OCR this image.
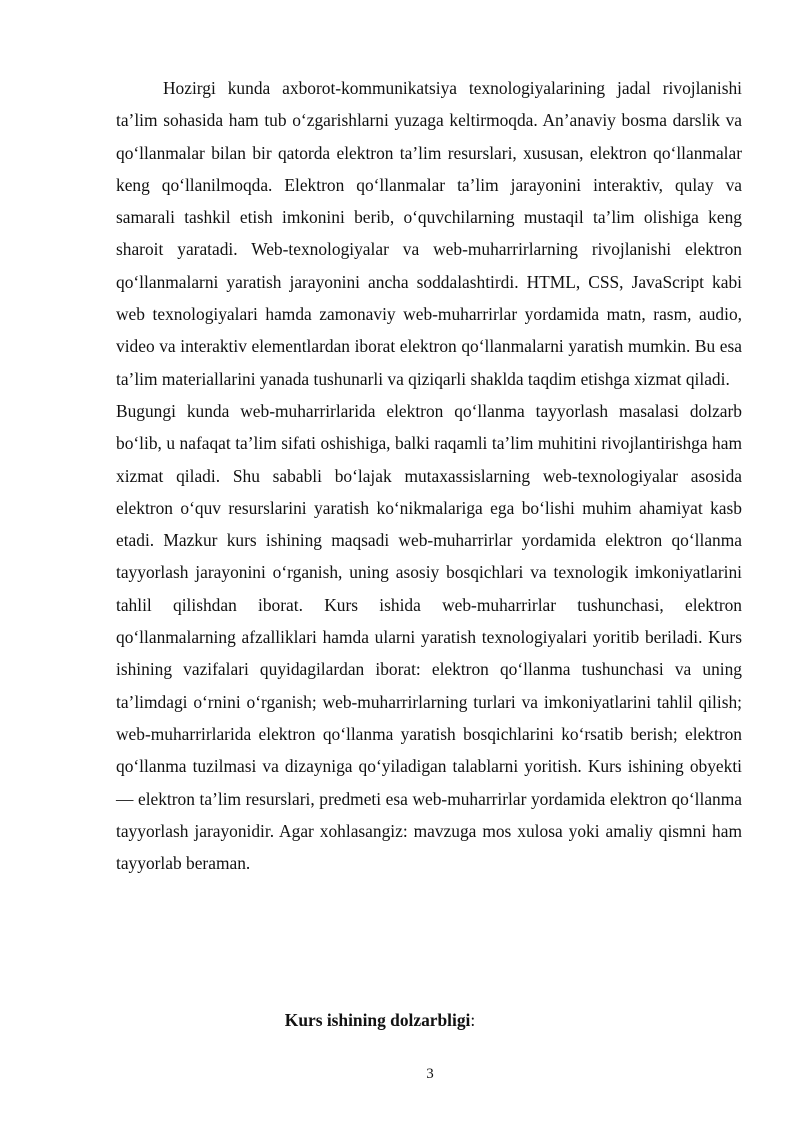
Hozirgi kunda axborot-kommunikatsiya texnologiyalarining jadal rivojlanishi ta’lim sohasida ham tub o‘zgarishlarni yuzaga keltirmoqda. An’anaviy bosma darslik va qo‘llanmalar bilan bir qatorda elektron ta’lim resurslari, xususan, elektron qo‘llanmalar keng qo‘llanilmoqda. Elektron qo‘llanmalar ta’lim jarayonini interaktiv, qulay va samarali tashkil etish imkonini berib, o‘quvchilarning mustaqil ta’lim olishiga keng sharoit yaratadi. Web-texnologiyalar va web-muharrirlarning rivojlanishi elektron qo‘llanmalarni yaratish jarayonini ancha soddalashtirdi. HTML, CSS, JavaScript kabi web texnologiyalari hamda zamonaviy web-muharrirlar yordamida matn, rasm, audio, video va interaktiv elementlardan iborat elektron qo‘llanmalarni yaratish mumkin. Bu esa ta’lim materiallarini yanada tushunarli va qiziqarli shaklda taqdim etishga xizmat qiladi.

Bugungi kunda web-muharrirlarida elektron qo‘llanma tayyorlash masalasi dolzarb bo‘lib, u nafaqat ta’lim sifati oshishiga, balki raqamli ta’lim muhitini rivojlantirishga ham xizmat qiladi. Shu sababli bo‘lajak mutaxassislarning web-texnologiyalar asosida elektron o‘quv resurslarini yaratish ko‘nikmalariga ega bo‘lishi muhim ahamiyat kasb etadi. Mazkur kurs ishining maqsadi web-muharrirlar yordamida elektron qo‘llanma tayyorlash jarayonini o‘rganish, uning asosiy bosqichlari va texnologik imkoniyatlarini tahlil qilishdan iborat. Kurs ishida web-muharrirlar tushunchasi, elektron qo‘llanmalarning afzalliklari hamda ularni yaratish texnologiyalari yoritib beriladi. Kurs ishining vazifalari quyidagilardan iborat: elektron qo‘llanma tushunchasi va uning ta’limdagi o‘rnini o‘rganish; web-muharrirlarning turlari va imkoniyatlarini tahlil qilish; web-muharrirlarida elektron qo‘llanma yaratish bosqichlarini ko‘rsatib berish; elektron qo‘llanma tuzilmasi va dizayniga qo‘yiladigan talablarni yoritish. Kurs ishining obyekti — elektron ta’lim resurslari, predmeti esa web-muharrirlar yordamida elektron qo‘llanma tayyorlash jarayonidir. Agar xohlasangiz: mavzuga mos xulosa yoki amaliy qismni ham tayyorlab beraman.

Kurs ishining dolzarbligi:
3
